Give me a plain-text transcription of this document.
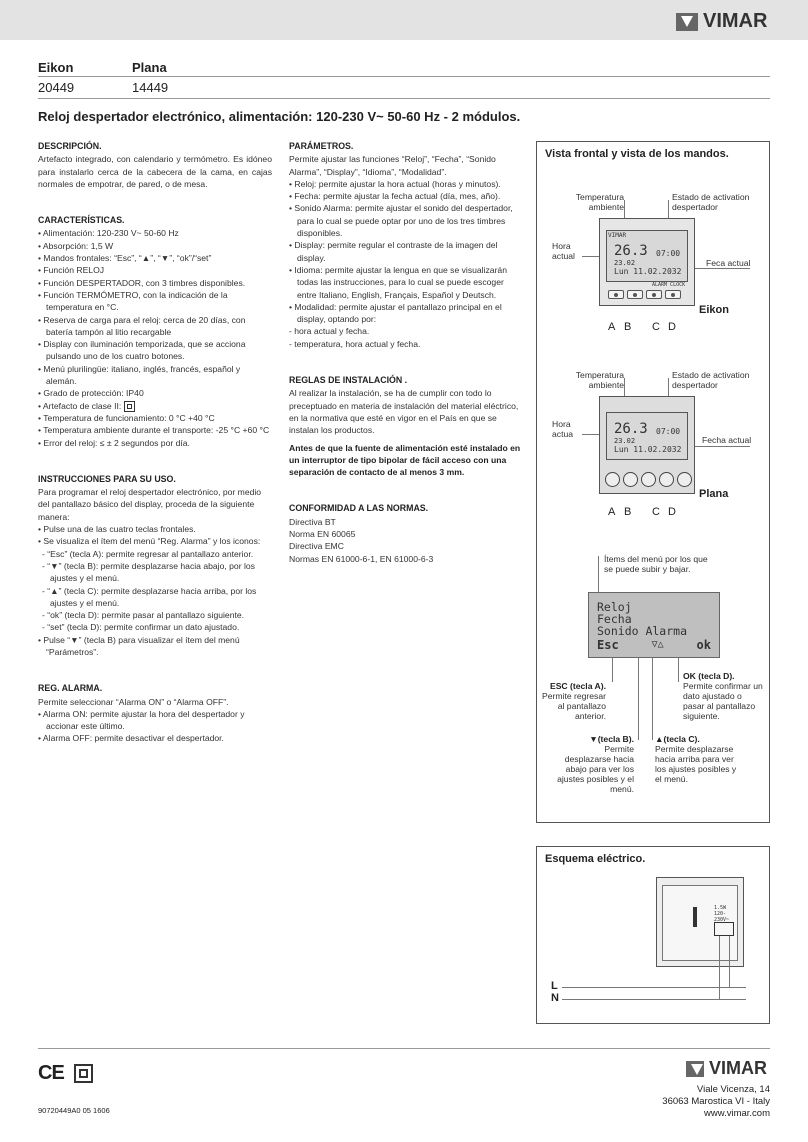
VIMAR
Eikon	Plana
20449	14449
Reloj despertador electrónico, alimentación: 120-230 V~ 50-60 Hz - 2 módulos.
DESCRIPCIÓN.

Artefacto integrado, con calendario y termómetro. Es idóneo para instalarlo cerca de la cabecera de la cama, en cajas normales de empotrar, de pared, o de mesa.

CARACTERÍSTICAS.
• Alimentación: 120-230 V~ 50-60 Hz
• Absorpción: 1,5 W
• Mandos frontales: “Esc”, “▲”, “▼”, “ok”/“set”
• Función RELOJ
• Función DESPERTADOR, con 3 timbres disponibles.
• Función TERMÓMETRO, con la indicación de la temperatura en °C.
• Reserva de carga para el reloj: cerca de 20 días, con batería tampón al litio recargable
• Display con iluminación temporizada, que se acciona pulsando uno de los cuatro botones.
• Menú plurilingüe: italiano, inglés, francés, español y alemán.
• Grado de protección: IP40
• Artefacto de clase II:
• Temperatura de funcionamiento: 0 °C +40 °C
• Temperatura ambiente durante el transporte: -25 °C +60 °C
• Error del reloj: ≤ ± 2 segundos por día.
INSTRUCCIONES PARA SU USO.

Para programar el reloj despertador electrónico, por medio del pantallazo básico del display, proceda de la siguiente manera:

• Pulse una de las cuatro teclas frontales.
• Se visualiza el ítem del menú “Reg. Alarma” y los iconos:
- “Esc” (tecla A): permite regresar al pantallazo anterior.
- “▼” (tecla B): permite desplazarse hacia abajo, por los ajustes y el menú.
- “▲” (tecla C): permite desplazarse hacia arriba, por los ajustes y el menú.
- “ok” (tecla D): permite pasar al pantallazo siguiente.
- “set” (tecla D): permite confirmar un dato ajustado.
• Pulse “▼” (tecla B) para visualizar el ítem del menú “Parámetros”.
REG. ALARMA.

Permite seleccionar “Alarma ON” o “Alarma OFF”.

• Alarma ON: permite ajustar la hora del despertador y accionar este último.
• Alarma OFF: permite desactivar el despertador.
PARÁMETROS.

Permite ajustar las funciones “Reloj”, “Fecha”, “Sonido Alarma”, “Display”, “Idioma”, “Modalidad”.

• Reloj: permite ajustar la hora actual (horas y minutos).
• Fecha: permite ajustar la fecha actual (día, mes, año).
• Sonido Alarma: permite ajustar el sonido del despertador, para lo cual se puede optar por uno de los tres timbres disponibles.
• Display: permite regular el contraste de la imagen del display.
• Idioma: permite ajustar la lengua en que se visualizarán todas las instrucciones, para lo cual se puede escoger entre Italiano, English, Français, Español y Deutsch.
• Modalidad: permite ajustar el pantallazo principal en el display, optando por:

- hora actual y fecha.

- temperatura, hora actual y fecha.

REGLAS DE INSTALACIÓN .

Al realizar la instalación, se ha de cumplir con todo lo preceptuado en materia de instalación del material eléctrico, en la normativa que esté en vigor en el País en que se instalan los productos.

Antes de que la fuente de alimentación esté instalado en un interruptor de tipo bipolar de fácil acceso con una separación de contacto de al menos 3 mm.

CONFORMIDAD A LAS NORMAS.

Directiva BT

Norma EN 60065

Directiva EMC

Normas EN 61000-6-1, EN 61000-6-3

Vista frontal y vista de los mandos.
Temperatura ambiente
Estado de activation despertador
Hora actual
Feca actual
VIMAR
26.3 07:00
23.02
Lun 11.02.2032
ALARM CLOCK
Eikon
A B	C D
Temperatura ambiente
Estado de activation despertador
Hora actua
Fecha actual
26.3 07:00
23.02
Lun 11.02.2032
Plana
A B	C D
Ítems del menú por los que se puede subir y bajar.
Reloj
Fecha
Sonido Alarma
Esc	▽△	ok
ESC (tecla A).
Permite regresar al pantallazo anterior.
OK (tecla D).
Permite confirmar un dato ajustado o pasar al pantallazo siguiente.
▼(tecla B).
Permite desplazarse hacia abajo para ver los ajustes posibles y el menú.
▲(tecla C).
Permite desplazarse hacia arriba para ver los ajustes posibles y el menú.
Esquema eléctrico.
1.5W 120-230V~
L
N
CE
90720449A0 05 1606
VIMAR
Viale Vicenza, 14
36063 Marostica VI - Italy
www.vimar.com
